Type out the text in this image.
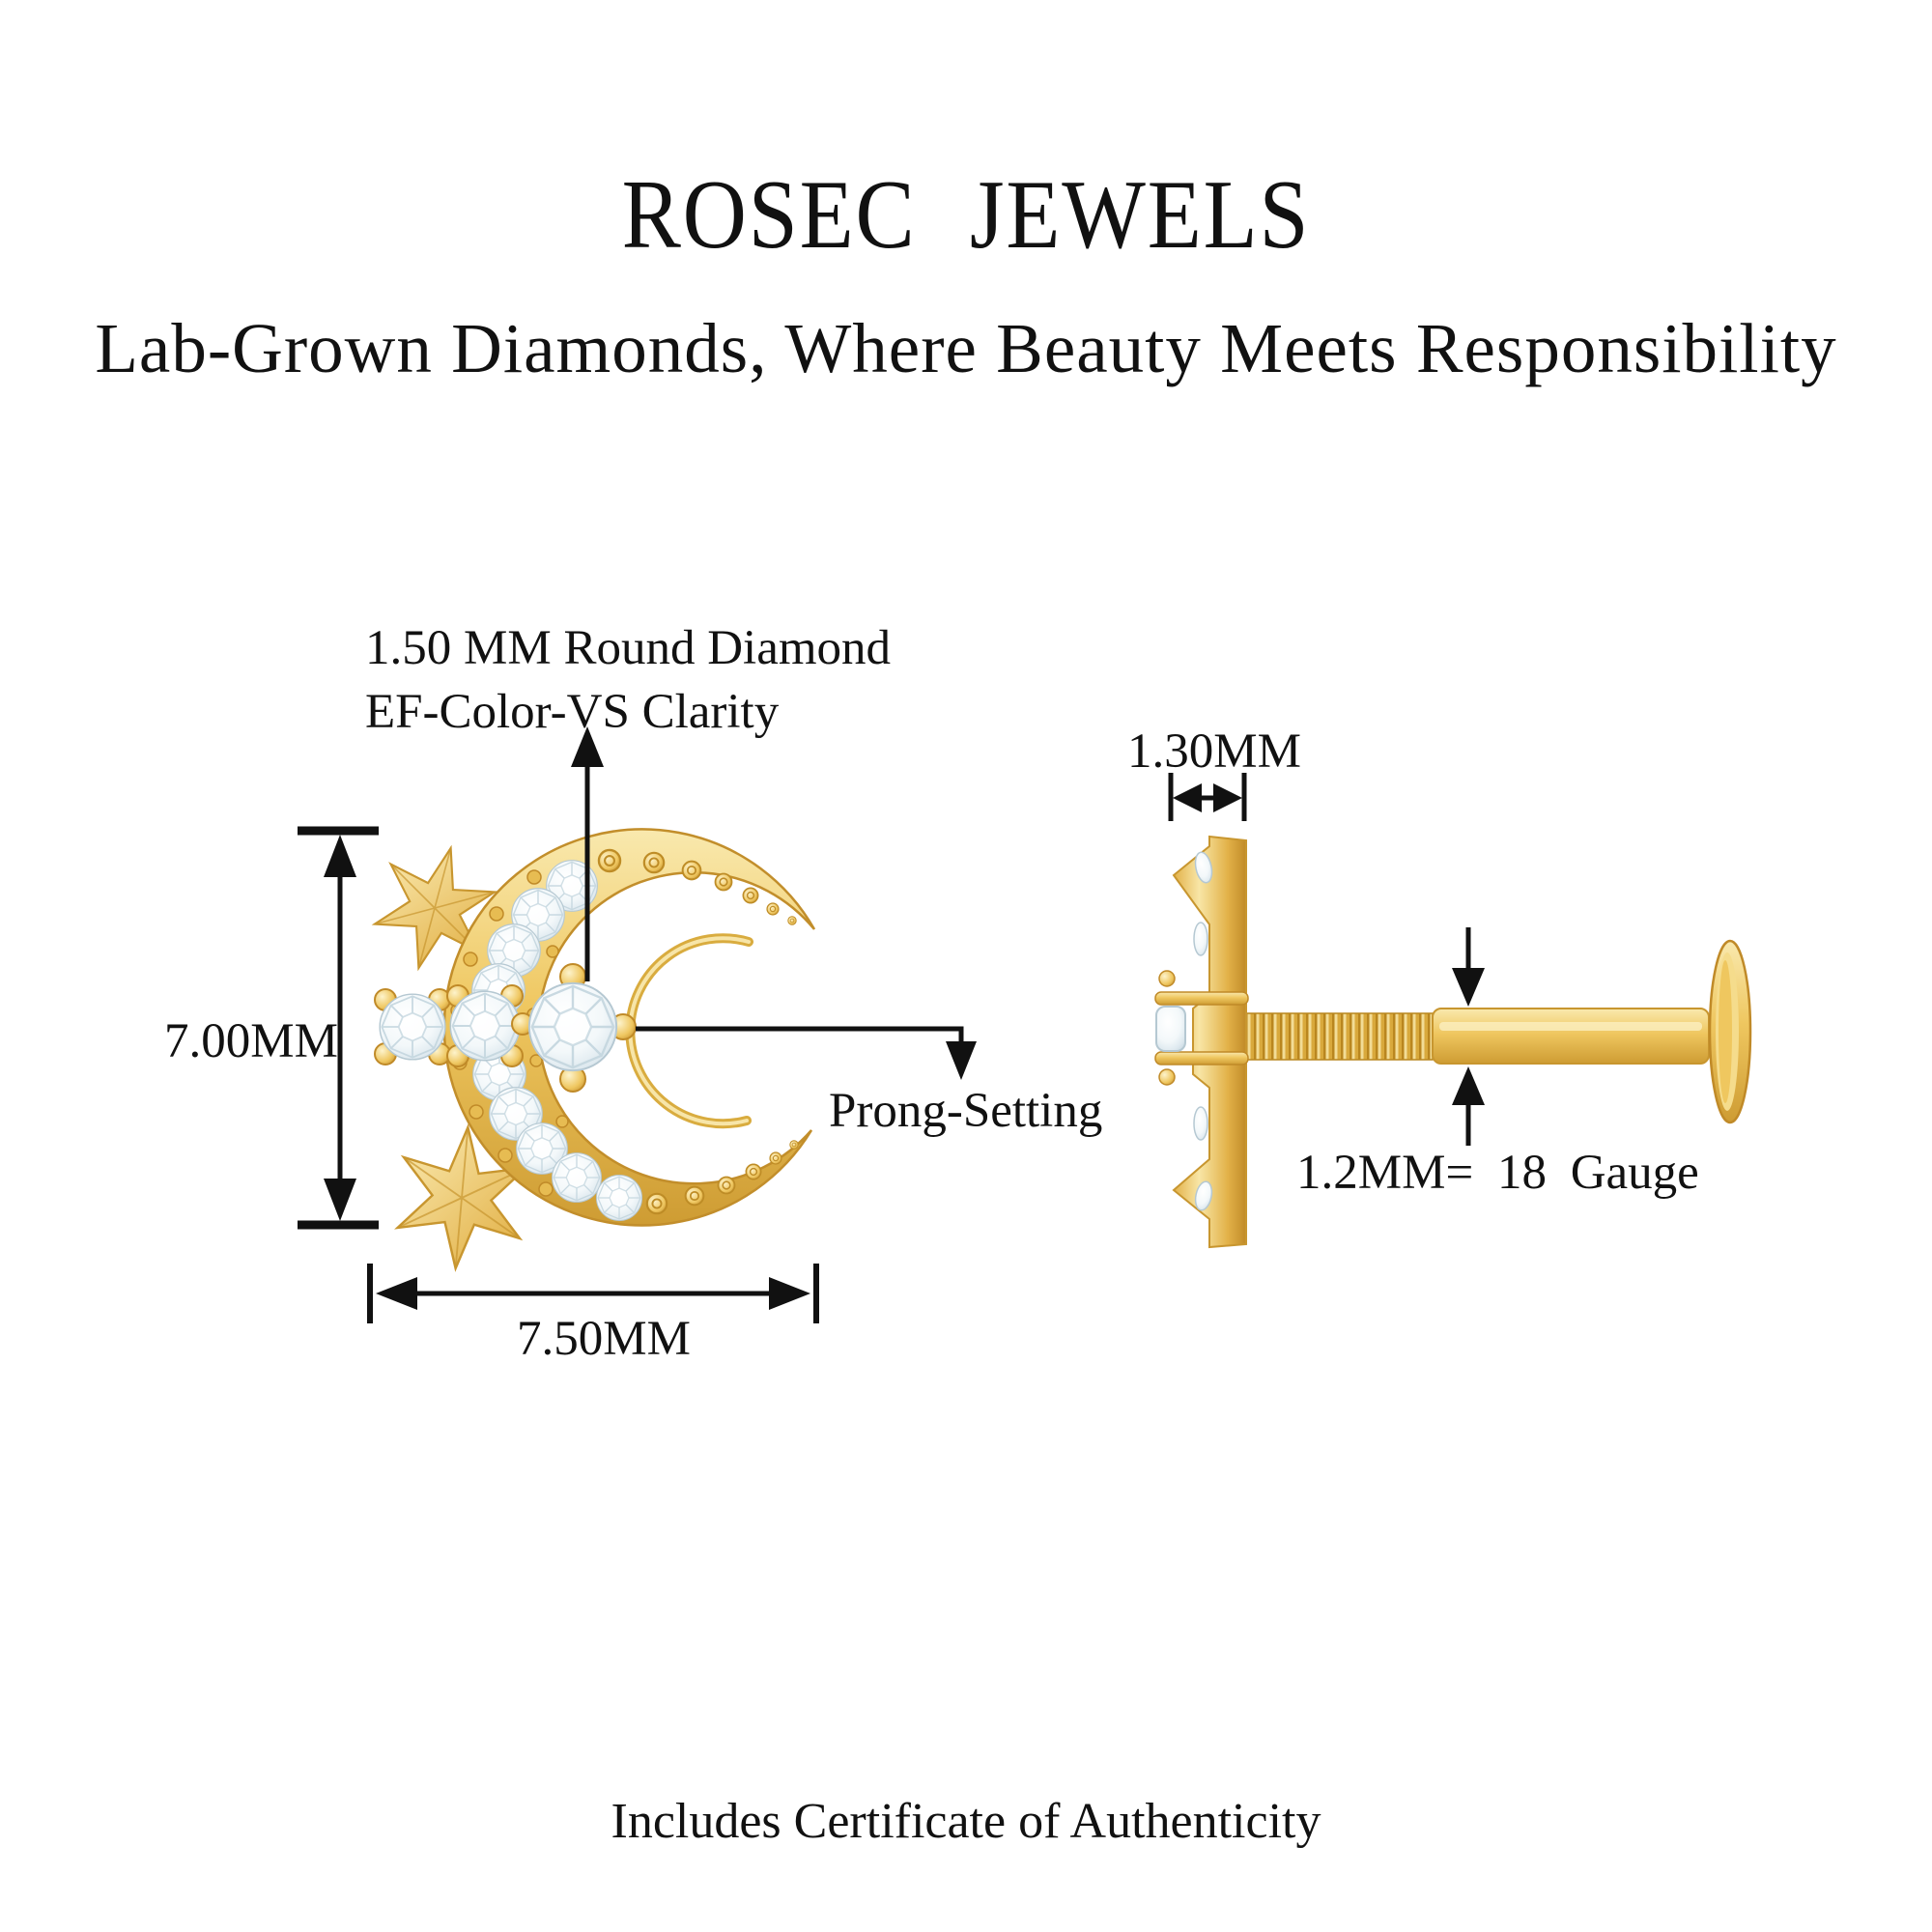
ROSEC JEWELS

Lab-Grown Diamonds, Where Beauty Meets Responsibility

1.50 MM Round Diamond
EF-Color-VS Clarity
7.00MM
7.50MM
Prong-Setting
1.30MM
1.2MM= 18 Gauge

Includes Certificate of Authenticity
